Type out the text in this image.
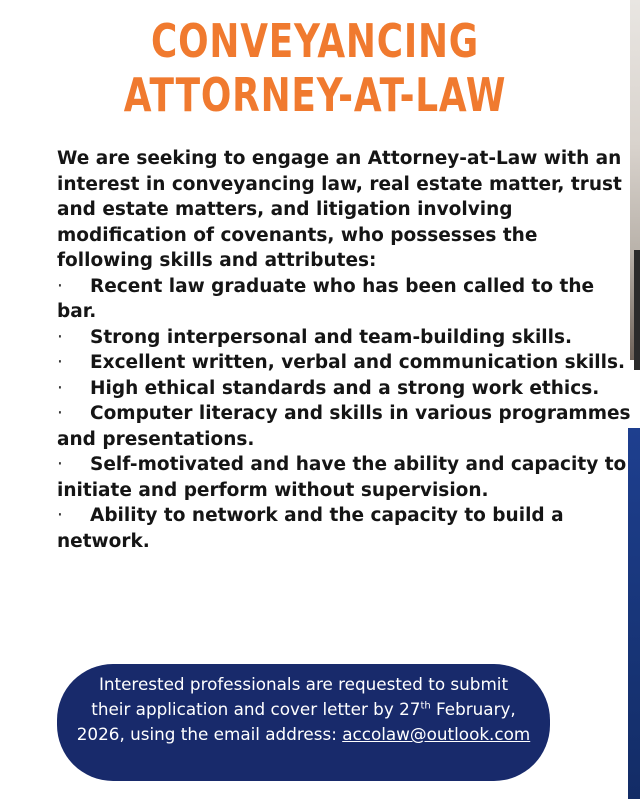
CONVEYANCING
ATTORNEY-AT-LAW

We are seeking to engage an Attorney-at-Law with an interest in conveyancing law, real estate matter, trust and estate matters, and litigation involving modification of covenants, who possesses the following skills and attributes:

· Recent law graduate who has been called to the bar.
· Strong interpersonal and team-building skills.
· Excellent written, verbal and communication skills.
· High ethical standards and a strong work ethics.
· Computer literacy and skills in various programmes and presentations.
· Self-motivated and have the ability and capacity to initiate and perform without supervision.
· Ability to network and the capacity to build a network.

Interested professionals are requested to submit

their application and cover letter by 27th February,

2026, using the email address: accolaw@outlook.com
